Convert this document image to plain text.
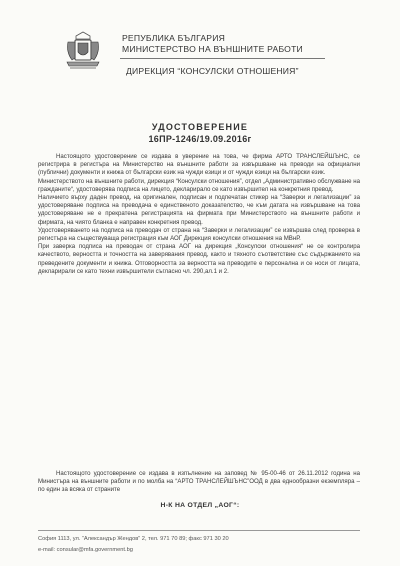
РЕПУБЛИКА БЪЛГАРИЯ
МИНИСТЕРСТВО НА ВЪНШНИТЕ РАБОТИ
ДИРЕКЦИЯ “КОНСУЛСКИ ОТНОШЕНИЯ”
УДОСТОВЕРЕНИЕ
16ПР-1246/19.09.2016г

Настоящото удостоверение се издава в уверение на това, че фирма АРТО ТРАНСЛЕЙШЪНС, се регистрира в регистъра на Министерство на външните работи за извършване на преводи на официални (публични) документи и книжа от български език на чужди езици и от чужди езици на български език.

Министерството на външните работи, дирекция “Консулски отношения”, отдел „Административно обслужване на гражданите“, удостоверява подписа на лицето, декларирало се като извършител на конкретния превод.

Наличието върху даден превод, на оригинален, подписан и подпечатан стикер на “Заверки и легализации” за удостоверяване подписа на преводача е единственото доказателство, че към датата на извършване на това удостоверяване не е прекратена регистрацията на фирмата при Министерството на външните работи и фирмата, на чиято бланка е направен конкретния превод.

Удостоверяването на подписа на преводач от страна на “Заверки и легализации” се извършва след проверка в регистъра на съществуваща регистрация към АОГ Дирекция консулски отношения на МВнР.

При заверка подписа на преводач от страна АОГ на дирекция „Консулски отношения“ не се контролира качеството, верността и точността на заверявания превод, както и тяхното съответствие със съдържанието на преведените документи и книжа. Отговорността за верността на преводите е персонална и се носи от лицата, декларирали се като техни извършители съгласно чл. 290,ал.1 и 2.

Настоящото удостоверение се издава в изпълнение на заповед № 95-00-46 от 26.11.2012 година на Министъра на външните работи и по молба на “АРТО ТРАНСЛЕЙШЪНС”ООД в два еднообразни екземпляра – по един за всяка от страните

Н-К НА ОТДЕЛ „АОГ“:
София 1113, ул. “Александър Жендов” 2, тел. 971 70 89; факс 971 30 20
e-mail: consular@mfa.government.bg
